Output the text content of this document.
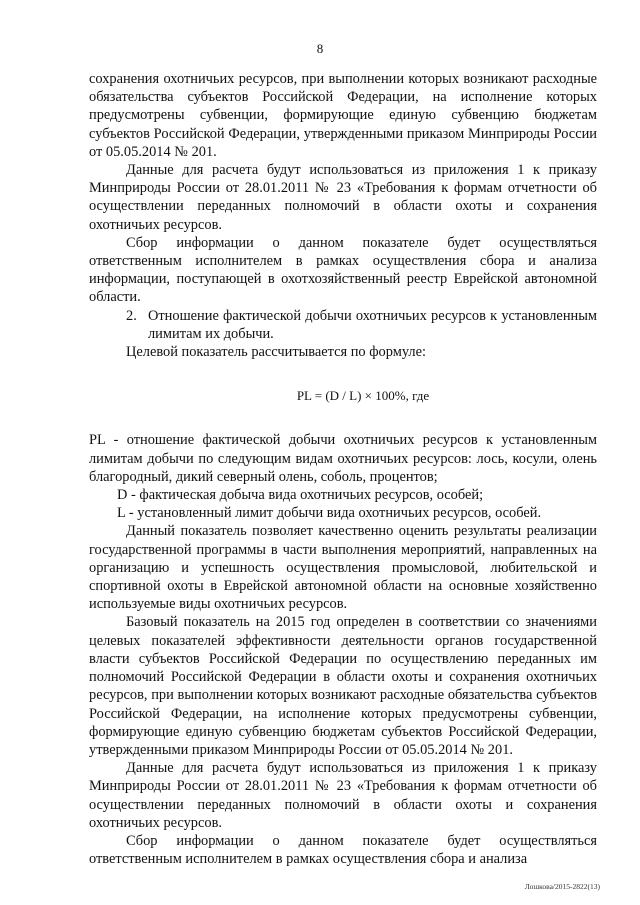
8

сохранения охотничьих ресурсов, при выполнении которых возникают расходные обязательства субъектов Российской Федерации, на исполнение которых предусмотрены субвенции, формирующие единую субвенцию бюджетам субъектов Российской Федерации, утвержденными приказом Минприроды России от 05.05.2014 № 201.

Данные для расчета будут использоваться из приложения 1 к приказу Минприроды России от 28.01.2011 № 23 «Требования к формам отчетности об осуществлении переданных полномочий в области охоты и сохранения охотничьих ресурсов.

Сбор информации о данном показателе будет осуществляться ответственным исполнителем в рамках осуществления сбора и анализа информации, поступающей в охотхозяйственный реестр Еврейской автономной области.

2. Отношение фактической добычи охотничьих ресурсов к установленным лимитам их добычи.

Целевой показатель рассчитывается по формуле:

PL = (D / L) × 100%, где

PL - отношение фактической добычи охотничьих ресурсов к установленным лимитам добычи по следующим видам охотничьих ресурсов: лось, косули, олень благородный, дикий северный олень, соболь, процентов;

D - фактическая добыча вида охотничьих ресурсов, особей;

L - установленный лимит добычи вида охотничьих ресурсов, особей.

Данный показатель позволяет качественно оценить результаты реализации государственной программы в части выполнения мероприятий, направленных на организацию и успешность осуществления промысловой, любительской и спортивной охоты в Еврейской автономной области на основные хозяйственно используемые виды охотничьих ресурсов.

Базовый показатель на 2015 год определен в соответствии со значениями целевых показателей эффективности деятельности органов государственной власти субъектов Российской Федерации по осуществлению переданных им полномочий Российской Федерации в области охоты и сохранения охотничьих ресурсов, при выполнении которых возникают расходные обязательства субъектов Российской Федерации, на исполнение которых предусмотрены субвенции, формирующие единую субвенцию бюджетам субъектов Российской Федерации, утвержденными приказом Минприроды России от 05.05.2014 № 201.

Данные для расчета будут использоваться из приложения 1 к приказу Минприроды России от 28.01.2011 № 23 «Требования к формам отчетности об осуществлении переданных полномочий в области охоты и сохранения охотничьих ресурсов.

Сбор информации о данном показателе будет осуществляться ответственным исполнителем в рамках осуществления сбора и анализа

Лошкова/2015-2822(13)
